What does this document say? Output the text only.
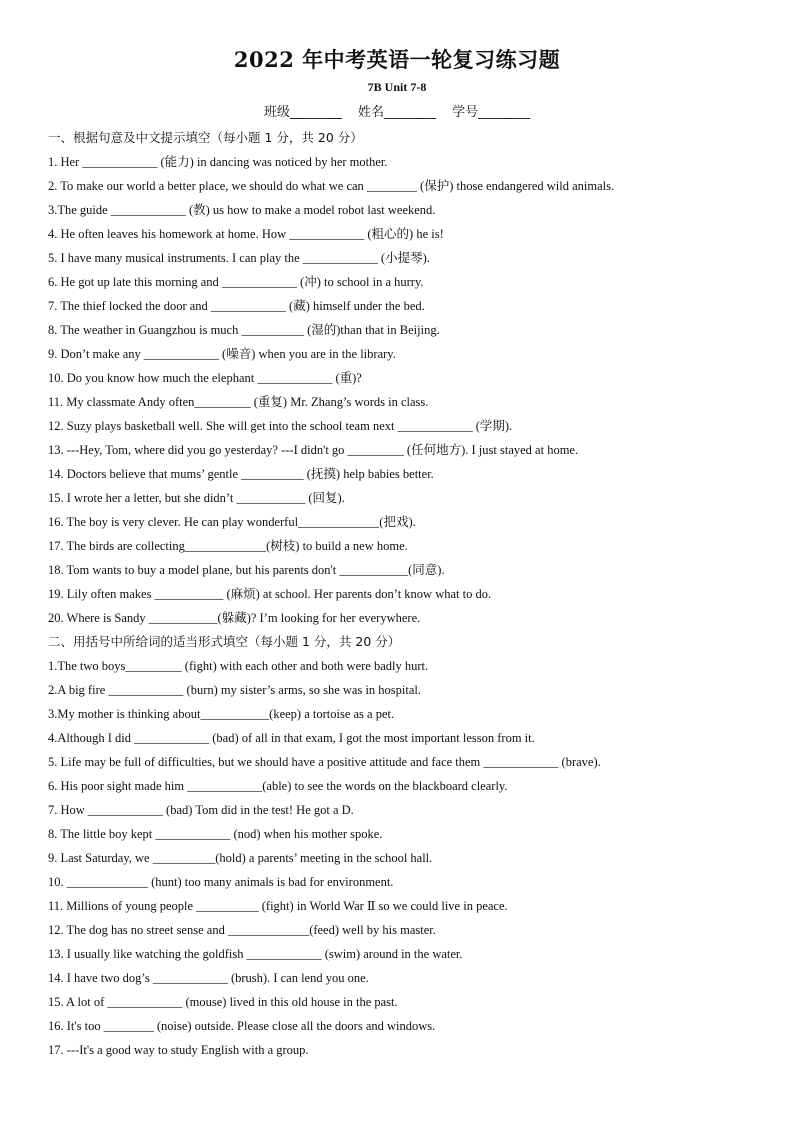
2022 年中考英语一轮复习练习题
7B Unit 7-8
班级________ 姓名________ 学号________
一、根据句意及中文提示填空（每小题 1 分，共 20 分）
1. Her ____________ (能力) in dancing was noticed by her mother.
2. To make our world a better place, we should do what we can ________ (保护) those endangered wild animals.
3.The guide ____________ (教) us how to make a model robot last weekend.
4. He often leaves his homework at home. How ____________ (粗心的) he is!
5. I have many musical instruments. I can play the ____________ (小提琴).
6. He got up late this morning and ____________ (冲) to school in a hurry.
7. The thief locked the door and ____________ (藏) himself under the bed.
8. The weather in Guangzhou is much __________ (湿的)than that in Beijing.
9. Don’t make any ____________ (噪音) when you are in the library.
10. Do you know how much the elephant ____________ (重)?
11. My classmate Andy often_________ (重复) Mr. Zhang’s words in class.
12. Suzy plays basketball well. She will get into the school team next ____________ (学期).
13. ---Hey, Tom, where did you go yesterday? ---I didn't go _________ (任何地方). I just stayed at home.
14. Doctors believe that mums’ gentle __________ (抚摸) help babies better.
15. I wrote her a letter, but she didn’t ___________ (回复).
16. The boy is very clever. He can play wonderful_____________(把戏).
17. The birds are collecting_____________(树枝) to build a new home.
18. Tom wants to buy a model plane, but his parents don't ___________(同意).
19. Lily often makes ___________ (麻烦) at school. Her parents don’t know what to do.
20. Where is Sandy ___________(躲藏)? I’m looking for her everywhere.
二、用括号中所给词的适当形式填空（每小题 1 分，共 20 分）
1.The two boys_________ (fight) with each other and both were badly hurt.
2.A big fire ____________ (burn) my sister’s arms, so she was in hospital.
3.My mother is thinking about___________(keep) a tortoise as a pet.
4.Although I did ____________ (bad) of all in that exam, I got the most important lesson from it.
5. Life may be full of difficulties, but we should have a positive attitude and face them ____________ (brave).
6. His poor sight made him ____________(able) to see the words on the blackboard clearly.
7. How ____________ (bad) Tom did in the test! He got a D.
8. The little boy kept ____________ (nod) when his mother spoke.
9. Last Saturday, we __________(hold) a parents’ meeting in the school hall.
10. _____________ (hunt) too many animals is bad for environment.
11. Millions of young people __________ (fight) in World War Ⅱ so we could live in peace.
12. The dog has no street sense and _____________(feed) well by his master.
13. I usually like watching the goldfish ____________ (swim) around in the water.
14. I have two dog’s ____________ (brush). I can lend you one.
15. A lot of ____________ (mouse) lived in this old house in the past.
16. It's too ________ (noise) outside. Please close all the doors and windows.
17. ---It's a good way to study English with a group.
